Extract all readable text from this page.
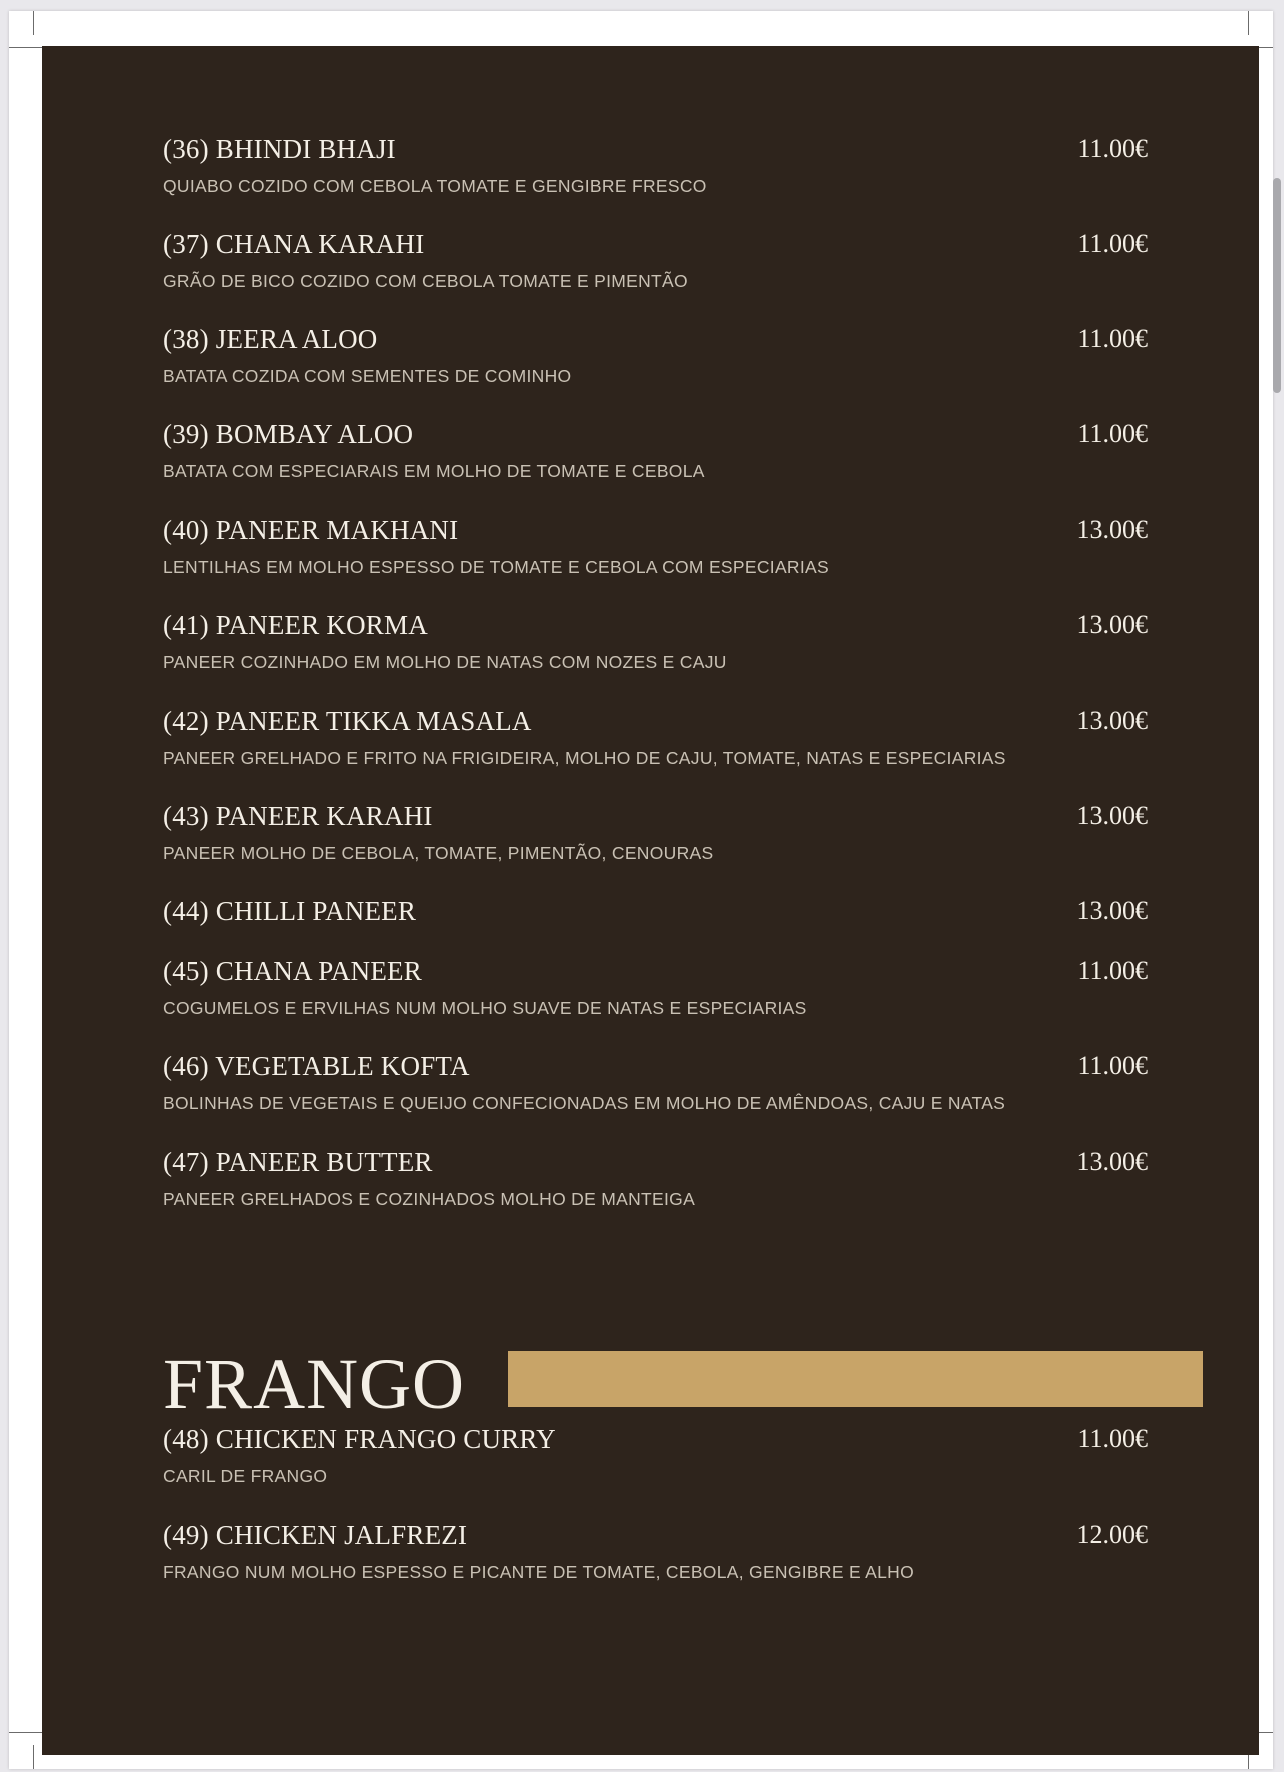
(36) BHINDI BHAJI	11.00€
QUIABO COZIDO COM CEBOLA TOMATE E GENGIBRE FRESCO
(37) CHANA KARAHI	11.00€
GRÃO DE BICO COZIDO COM CEBOLA TOMATE E PIMENTÃO
(38) JEERA ALOO	11.00€
BATATA COZIDA COM SEMENTES DE COMINHO
(39) BOMBAY ALOO	11.00€
BATATA COM ESPECIARAIS EM MOLHO DE TOMATE E CEBOLA
(40) PANEER MAKHANI	13.00€
LENTILHAS EM MOLHO ESPESSO DE TOMATE E CEBOLA COM ESPECIARIAS
(41) PANEER KORMA	13.00€
PANEER COZINHADO EM MOLHO DE NATAS COM NOZES E CAJU
(42) PANEER TIKKA MASALA	13.00€
PANEER GRELHADO E FRITO NA FRIGIDEIRA, MOLHO DE CAJU, TOMATE, NATAS E ESPECIARIAS
(43) PANEER KARAHI	13.00€
PANEER MOLHO DE CEBOLA, TOMATE, PIMENTÃO, CENOURAS
(44) CHILLI PANEER	13.00€
(45) CHANA PANEER	11.00€
COGUMELOS E ERVILHAS NUM MOLHO SUAVE DE NATAS E ESPECIARIAS
(46) VEGETABLE KOFTA	11.00€
BOLINHAS DE VEGETAIS E QUEIJO CONFECIONADAS EM MOLHO DE AMÊNDOAS, CAJU E NATAS
(47) PANEER BUTTER	13.00€
PANEER GRELHADOS E COZINHADOS MOLHO DE MANTEIGA
FRANGO
(48) CHICKEN FRANGO CURRY	11.00€
CARIL DE FRANGO
(49) CHICKEN JALFREZI	12.00€
FRANGO NUM MOLHO ESPESSO E PICANTE DE TOMATE, CEBOLA, GENGIBRE E ALHO
